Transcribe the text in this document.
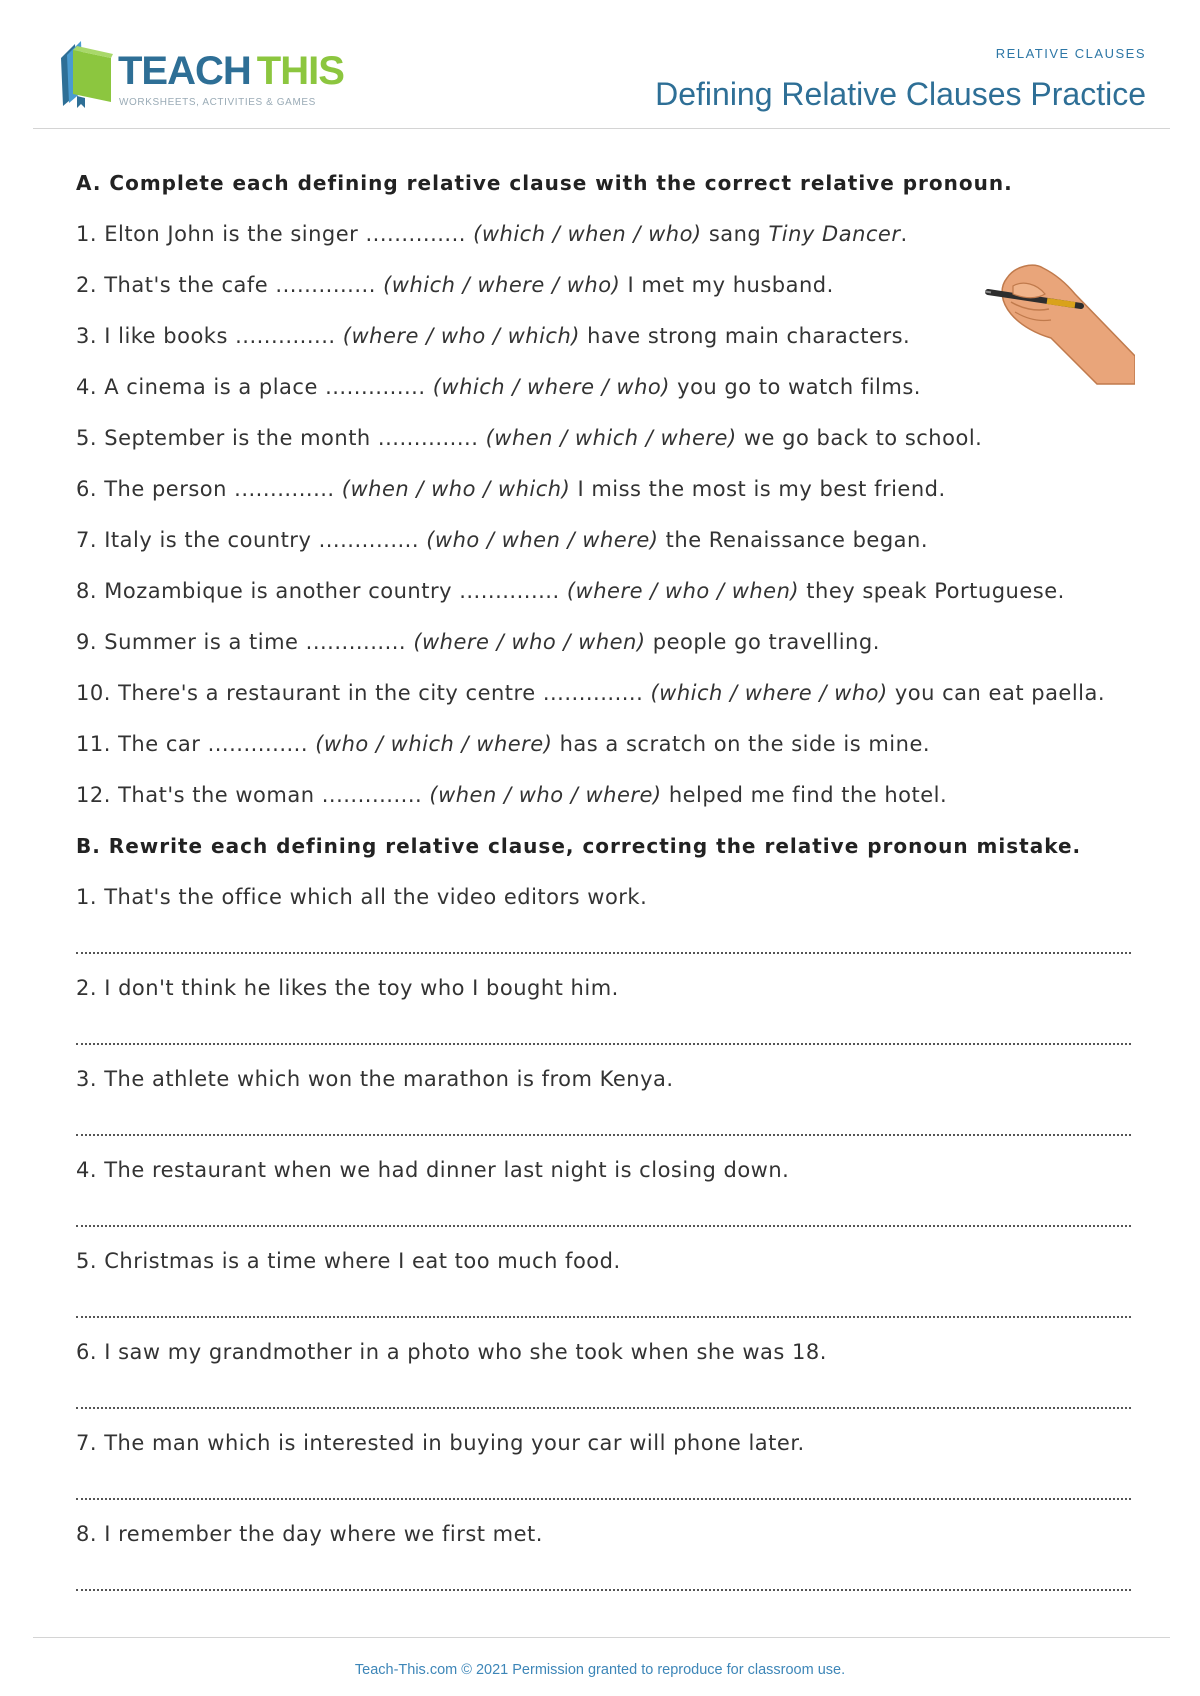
TEACH THIS
WORKSHEETS, ACTIVITIES & GAMES
RELATIVE CLAUSES
Defining Relative Clauses Practice
A. Complete each defining relative clause with the correct relative pronoun.
1. Elton John is the singer .............. (which / when / who) sang Tiny Dancer.
2. That's the cafe .............. (which / where / who) I met my husband.
3. I like books .............. (where / who / which) have strong main characters.
4. A cinema is a place .............. (which / where / who) you go to watch films.
5. September is the month .............. (when / which / where) we go back to school.
6. The person .............. (when / who / which) I miss the most is my best friend.
7. Italy is the country .............. (who / when / where) the Renaissance began.
8. Mozambique is another country .............. (where / who / when) they speak Portuguese.
9. Summer is a time .............. (where / who / when) people go travelling.
10. There's a restaurant in the city centre .............. (which / where / who) you can eat paella.
11. The car .............. (who / which / where) has a scratch on the side is mine.
12. That's the woman .............. (when / who / where) helped me find the hotel.
B. Rewrite each defining relative clause, correcting the relative pronoun mistake.
1. That's the office which all the video editors work.
2. I don't think he likes the toy who I bought him.
3. The athlete which won the marathon is from Kenya.
4. The restaurant when we had dinner last night is closing down.
5. Christmas is a time where I eat too much food.
6. I saw my grandmother in a photo who she took when she was 18.
7. The man which is interested in buying your car will phone later.
8. I remember the day where we first met.
Teach-This.com © 2021 Permission granted to reproduce for classroom use.
